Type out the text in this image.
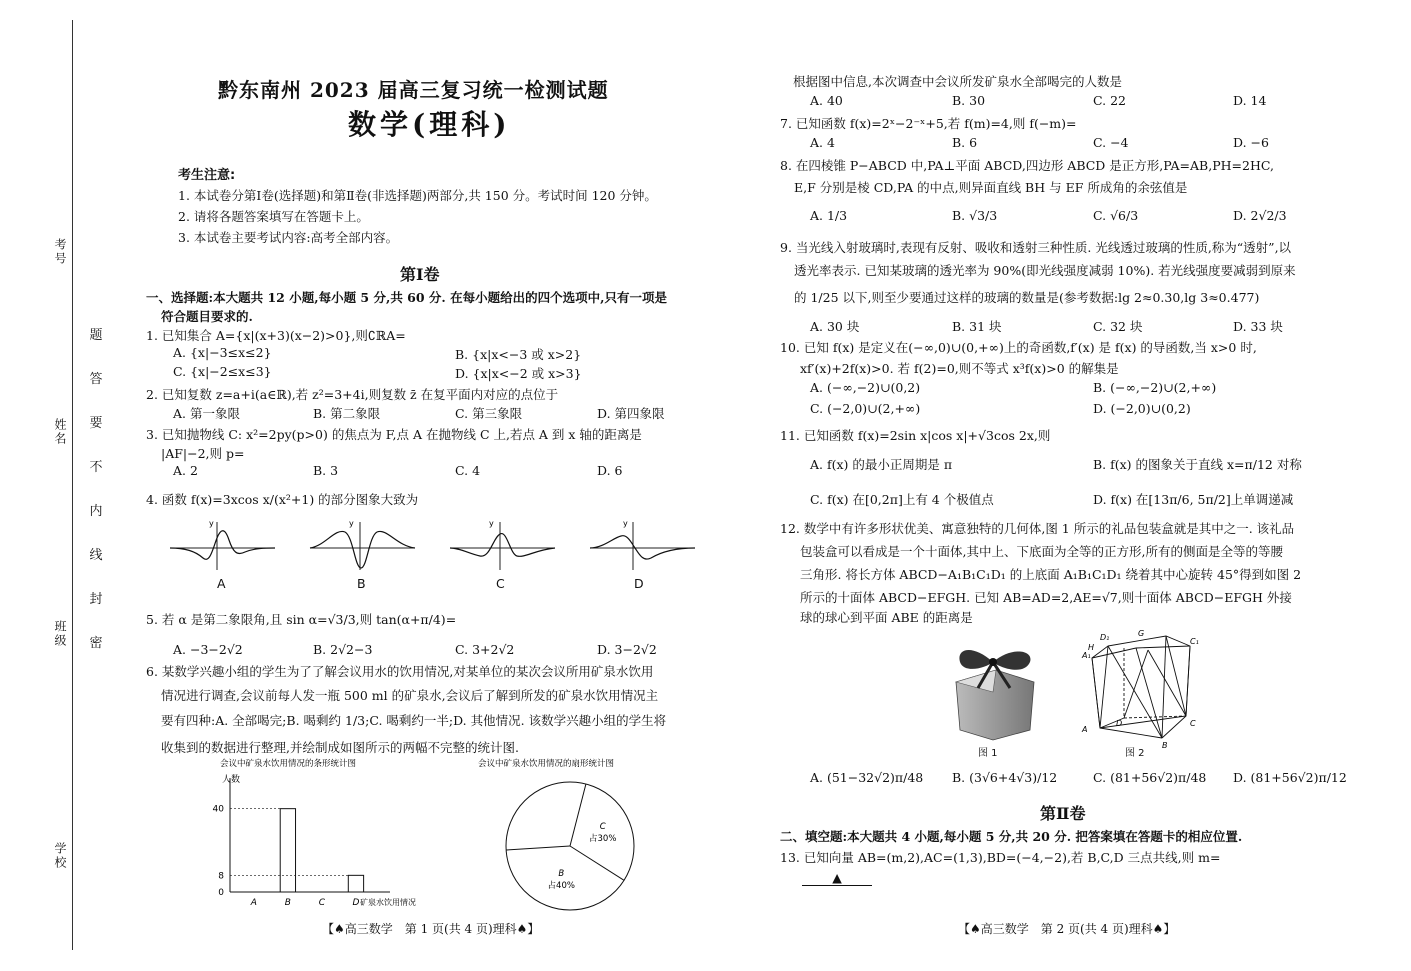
考号
姓名
班级
学校
密
封
线
内
不
要
答
题
黔东南州 2023 届高三复习统一检测试题
数学(理科)
考生注意:
1. 本试卷分第Ⅰ卷(选择题)和第Ⅱ卷(非选择题)两部分,共 150 分。考试时间 120 分钟。
2. 请将各题答案填写在答题卡上。
3. 本试卷主要考试内容:高考全部内容。
第Ⅰ卷
一、选择题:本大题共 12 小题,每小题 5 分,共 60 分. 在每小题给出的四个选项中,只有一项是
符合题目要求的.
1. 已知集合 A={x|(x+3)(x−2)>0},则∁ℝA=
A. {x|−3≤x≤2}	B. {x|x<−3 或 x>2}
C. {x|−2≤x≤3}	D. {x|x<−2 或 x>3}
2. 已知复数 z=a+i(a∈ℝ),若 z²=3+4i,则复数 z̄ 在复平面内对应的点位于
A. 第一象限	B. 第二象限	C. 第三象限	D. 第四象限
3. 已知抛物线 C: x²=2py(p>0) 的焦点为 F,点 A 在抛物线 C 上,若点 A 到 x 轴的距离是
|AF|−2,则 p=
A. 2	B. 3	C. 4	D. 6
4. 函数 f(x)=3xcos x/(x²+1) 的部分图象大致为
y	y	y	y
A	B	C	D
5. 若 α 是第二象限角,且 sin α=√3/3,则 tan(α+π/4)=
A. −3−2√2	B. 2√2−3	C. 3+2√2	D. 3−2√2
6. 某数学兴趣小组的学生为了了解会议用水的饮用情况,对某单位的某次会议所用矿泉水饮用
情况进行调查,会议前每人发一瓶 500 ml 的矿泉水,会议后了解到所发的矿泉水饮用情况主
要有四种:A. 全部喝完;B. 喝剩约 1/3;C. 喝剩约一半;D. 其他情况. 该数学兴趣小组的学生将
收集到的数据进行整理,并绘制成如图所示的两幅不完整的统计图.
会议中矿泉水饮用情况的条形统计图
人数
矿泉水饮用情况
0
8
40
A	B	C	D
会议中矿泉水饮用情况的扇形统计图
C
占30%
B
占40%
【♠高三数学　第 1 页(共 4 页)理科♠】
根据图中信息,本次调查中会议所发矿泉水全部喝完的人数是
A. 40	B. 30	C. 22	D. 14
7. 已知函数 f(x)=2ˣ−2⁻ˣ+5,若 f(m)=4,则 f(−m)=
A. 4	B. 6	C. −4	D. −6
8. 在四棱锥 P−ABCD 中,PA⊥平面 ABCD,四边形 ABCD 是正方形,PA=AB,PH=2HC,
E,F 分别是棱 CD,PA 的中点,则异面直线 BH 与 EF 所成角的余弦值是
A. 1/3	B. √3/3	C. √6/3	D. 2√2/3
9. 当光线入射玻璃时,表现有反射、吸收和透射三种性质. 光线透过玻璃的性质,称为“透射”,以
透光率表示. 已知某玻璃的透光率为 90%(即光线强度减弱 10%). 若光线强度要减弱到原来
的 1/25 以下,则至少要通过这样的玻璃的数量是(参考数据:lg 2≈0.30,lg 3≈0.477)
A. 30 块	B. 31 块	C. 32 块	D. 33 块
10. 已知 f(x) 是定义在(−∞,0)∪(0,+∞)上的奇函数,f′(x) 是 f(x) 的导函数,当 x>0 时,
xf′(x)+2f(x)>0. 若 f(2)=0,则不等式 x³f(x)>0 的解集是
A. (−∞,−2)∪(0,2)	B. (−∞,−2)∪(2,+∞)
C. (−2,0)∪(2,+∞)	D. (−2,0)∪(0,2)
11. 已知函数 f(x)=2sin x|cos x|+√3cos 2x,则
A. f(x) 的最小正周期是 π	B. f(x) 的图象关于直线 x=π/12 对称
C. f(x) 在[0,2π]上有 4 个极值点	D. f(x) 在[13π/6, 5π/2]上单调递减
12. 数学中有许多形状优美、寓意独特的几何体,图 1 所示的礼品包装盒就是其中之一. 该礼品
包装盒可以看成是一个十面体,其中上、下底面为全等的正方形,所有的侧面是全等的等腰
三角形. 将长方体 ABCD−A₁B₁C₁D₁ 的上底面 A₁B₁C₁D₁ 绕着其中心旋转 45°得到如图 2
所示的十面体 ABCD−EFGH. 已知 AB=AD=2,AE=√7,则十面体 ABCD−EFGH 外接
球的球心到平面 ABE 的距离是
图 1
D₁	G
C₁
A₁
A
B
C
D
H
图 2
A. (51−32√2)π/48 B. (3√6+4√3)/12	C. (81+56√2)π/48 D. (81+56√2)π/12
第Ⅱ卷
二、填空题:本大题共 4 小题,每小题 5 分,共 20 分. 把答案填在答题卡的相应位置.
13. 已知向量 AB=(m,2),AC=(1,3),BD=(−4,−2),若 B,C,D 三点共线,则 m=
▲
【♠高三数学　第 2 页(共 4 页)理科♠】
